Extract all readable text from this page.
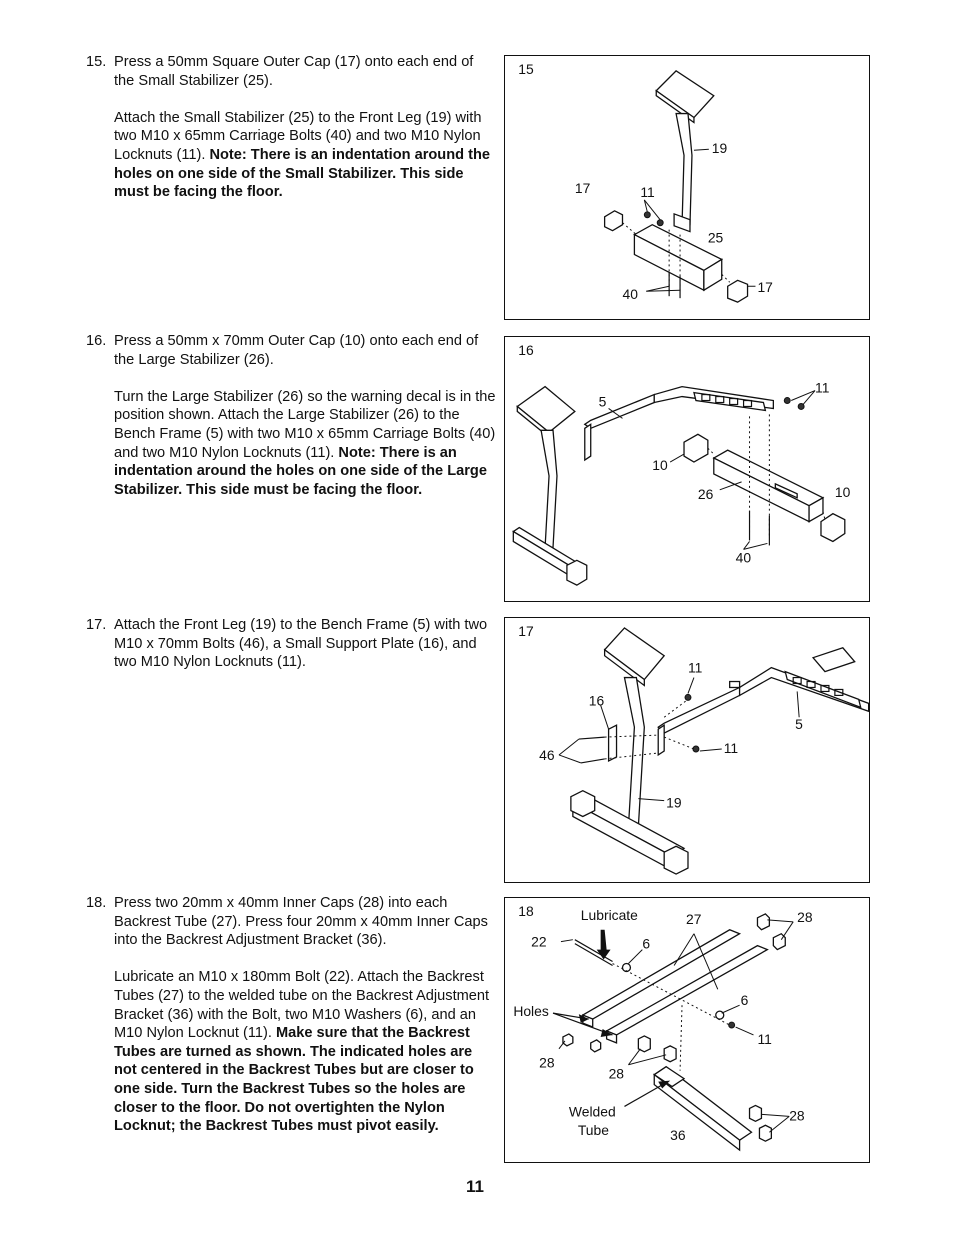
15. Press a 50mm Square Outer Cap (17) onto each end of the Small Stabilizer (25).

Attach the Small Stabilizer (25) to the Front Leg (19) with two M10 x 65mm Carriage Bolts (40) and two M10 Nylon Locknuts (11). Note: There is an indentation around the holes on one side of the Small Stabilizer. This side must be facing the floor.

16. Press a 50mm x 70mm Outer Cap (10) onto each end of the Large Stabilizer (26).

Turn the Large Stabilizer (26) so the warning decal is in the position shown. Attach the Large Stabilizer (26) to the Bench Frame (5) with two M10 x 65mm Carriage Bolts (40) and two M10 Nylon Locknuts (11). Note: There is an indentation around the holes on one side of the Large Stabilizer. This side must be facing the floor.

17. Attach the Front Leg (19) to the Bench Frame (5) with two M10 x 70mm Bolts (46), a Small Support Plate (16), and two M10 Nylon Locknuts (11).

18. Press two 20mm x 40mm Inner Caps (28) into each Backrest Tube (27). Press four 20mm x 40mm Inner Caps into the Backrest Adjustment Bracket (36).

Lubricate an M10 x 180mm Bolt (22). Attach the Backrest Tubes (27) to the welded tube on the Backrest Adjustment Bracket (36) with the Bolt, two M10 Washers (6), and an M10 Nylon Locknut (11). Make sure that the Backrest Tubes are turned as shown. The indicated holes are not centered in the Backrest Tubes but are closer to one side. Turn the Backrest Tubes so the holes are closer to the floor. Do not overtighten the Nylon Locknut; the Backrest Tubes must pivot easily.

15
17	11
19
25
40	17
16
5
11
10
26	10
40
17
11
16
5
46	11
19
18	Lubricate	27	28
22	6
6
Holes
11
28
28
Welded
Tube	36
28
11
